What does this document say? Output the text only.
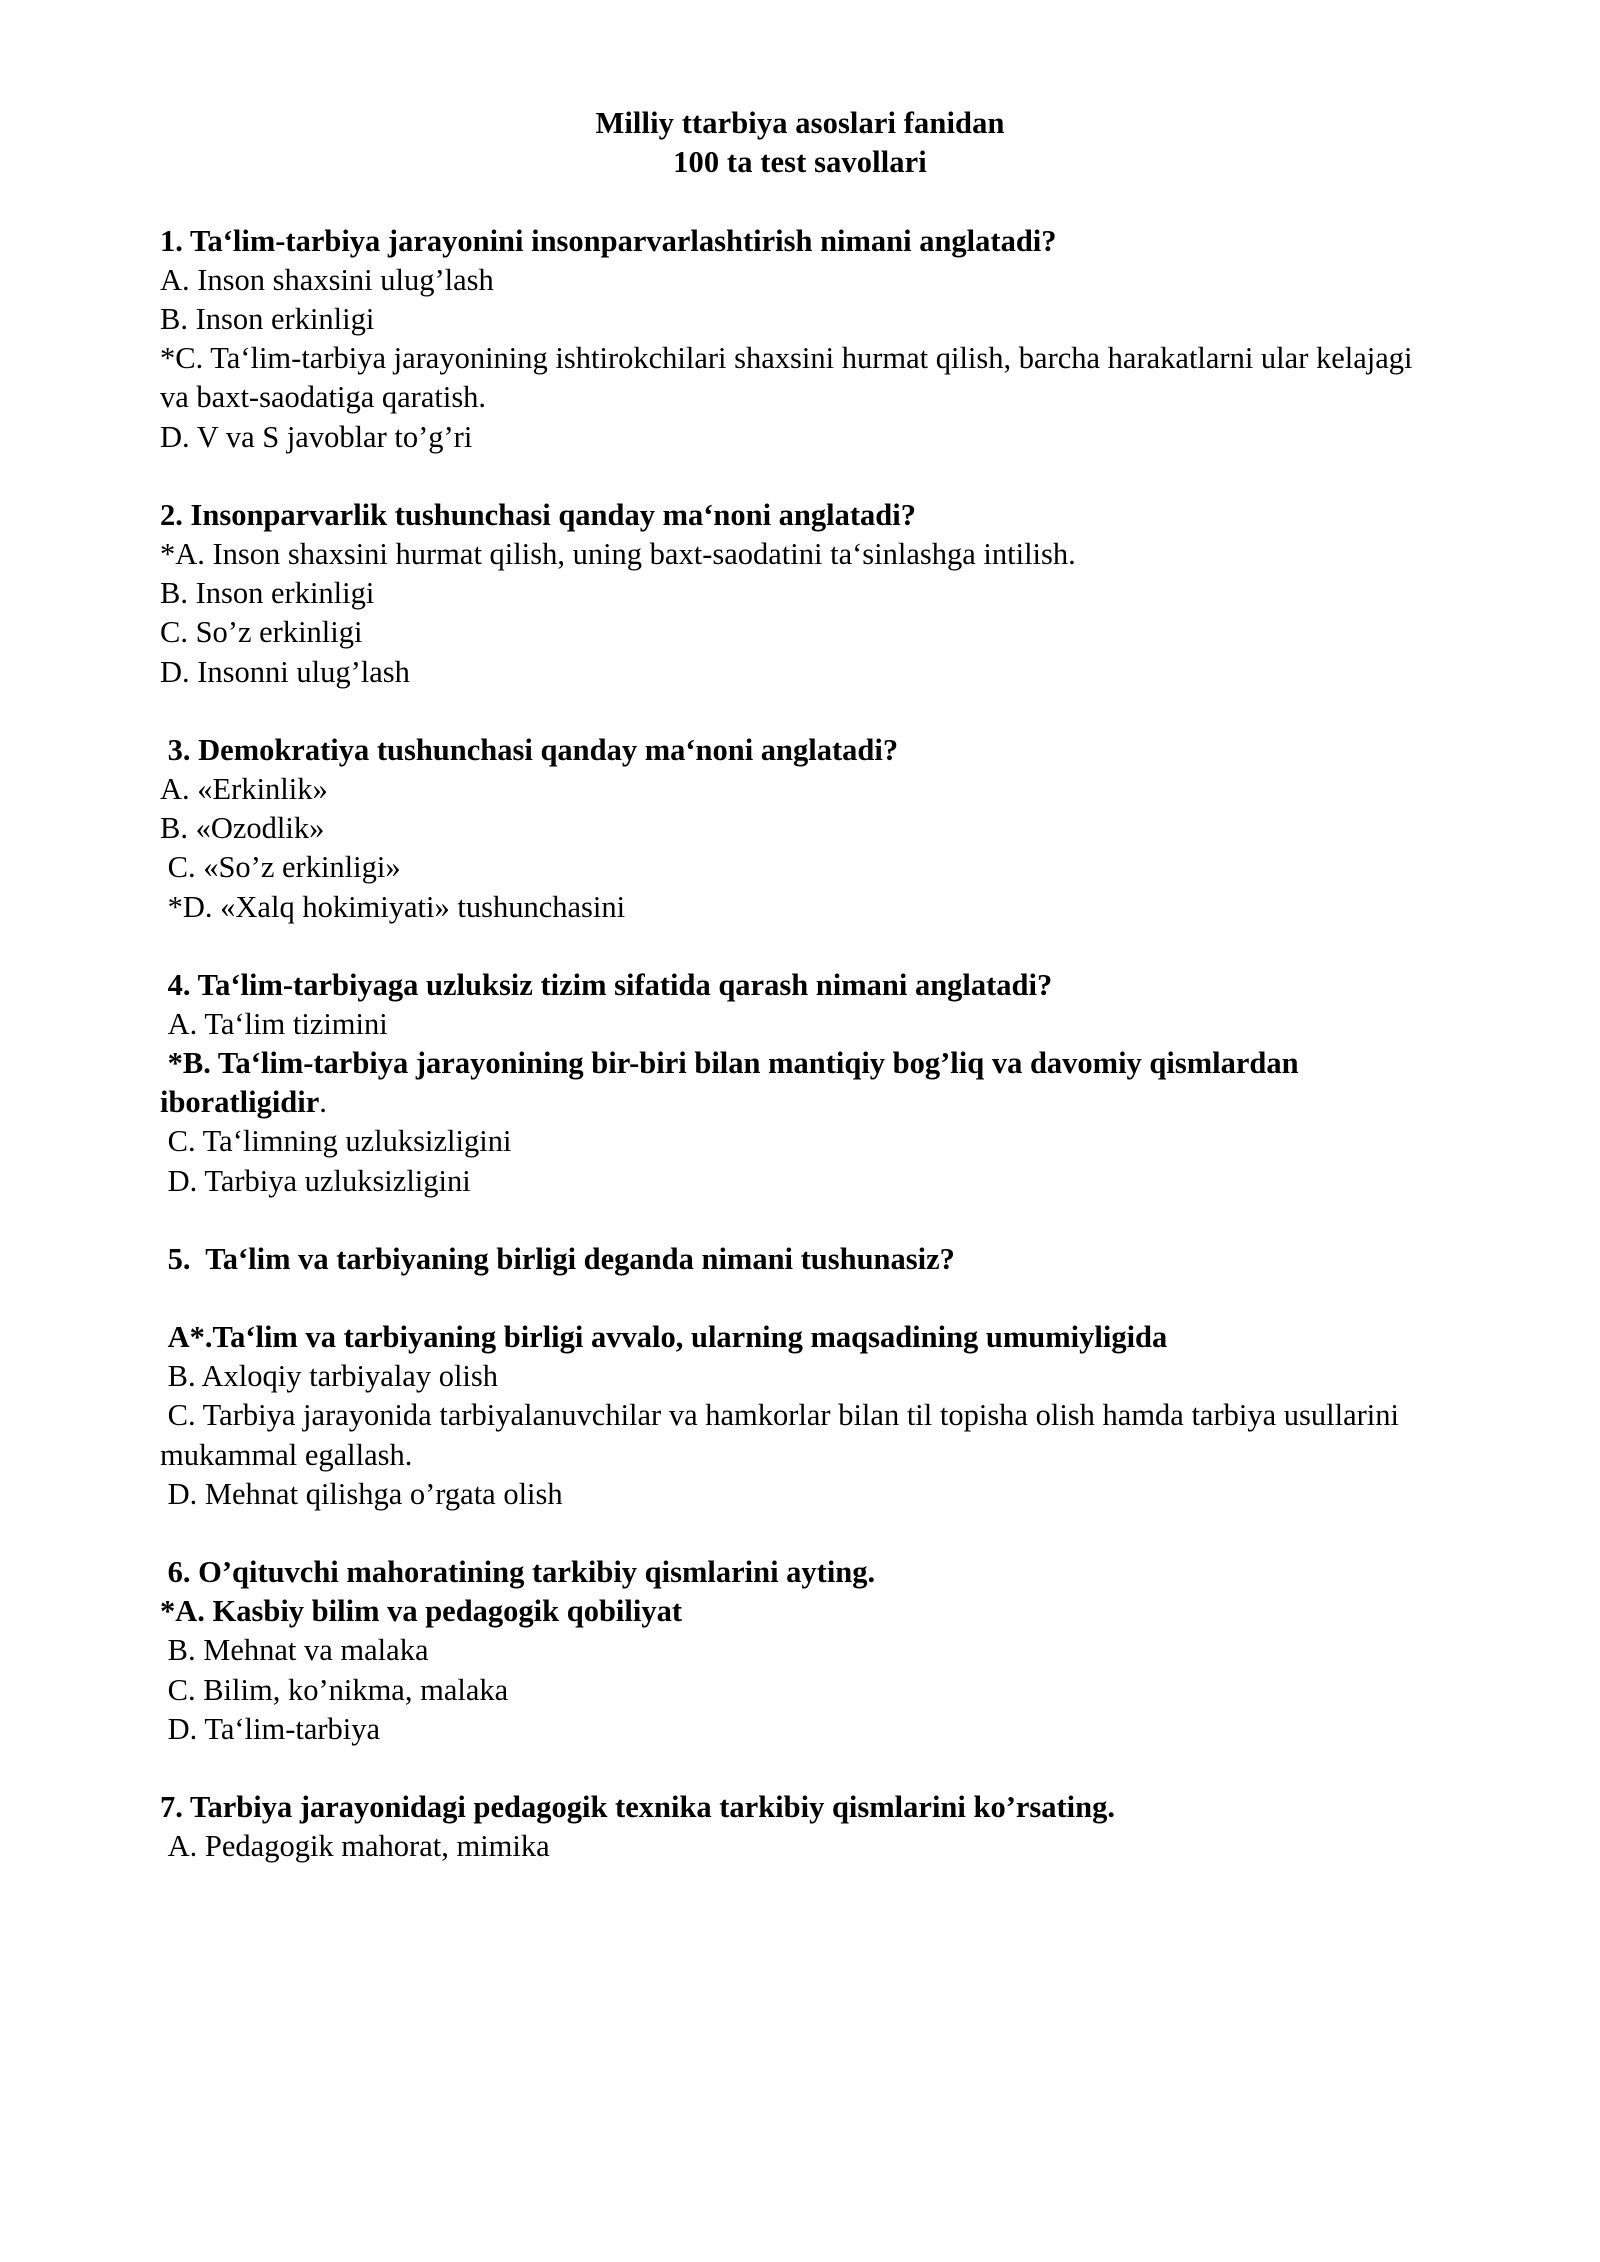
Milliy ttarbiya asoslari fanidan
100 ta test savollari

1. Ta‘lim-tarbiya jarayonini insonparvarlashtirish nimani anglatadi?

A. Inson shaxsini ulug’lash

B. Inson erkinligi

*C. Ta‘lim-tarbiya jarayonining ishtirokchilari shaxsini hurmat qilish, barcha harakatlarni ular kelajagi va baxt-saodatiga qaratish.

D. V va S javoblar to’g’ri

2. Insonparvarlik tushunchasi qanday ma‘noni anglatadi?

*A. Inson shaxsini hurmat qilish, uning baxt-saodatini ta‘sinlashga intilish.

B. Inson erkinligi

C. So’z erkinligi

D. Insonni ulug’lash

3. Demokratiya tushunchasi qanday ma‘noni anglatadi?

A. «Erkinlik»

B. «Ozodlik»

C. «So’z erkinligi»

*D. «Xalq hokimiyati» tushunchasini

4. Ta‘lim-tarbiyaga uzluksiz tizim sifatida qarash nimani anglatadi?

A. Ta‘lim tizimini

*B. Ta‘lim-tarbiya jarayonining bir-biri bilan mantiqiy bog’liq va davomiy qismlardan iboratligidir.

C. Ta‘limning uzluksizligini

D. Tarbiya uzluksizligini

5.  Ta‘lim va tarbiyaning birligi deganda nimani tushunasiz?

A*.Ta‘lim va tarbiyaning birligi avvalo, ularning maqsadining umumiyligida

B. Axloqiy tarbiyalay olish

C. Tarbiya jarayonida tarbiyalanuvchilar va hamkorlar bilan til topisha olish hamda tarbiya usullarini mukammal egallash.

D. Mehnat qilishga o’rgata olish

6. O’qituvchi mahoratining tarkibiy qismlarini ayting.

*A. Kasbiy bilim va pedagogik qobiliyat

B. Mehnat va malaka

C. Bilim, ko’nikma, malaka

D. Ta‘lim-tarbiya

7. Tarbiya jarayonidagi pedagogik texnika tarkibiy qismlarini ko’rsating.

A. Pedagogik mahorat, mimika
